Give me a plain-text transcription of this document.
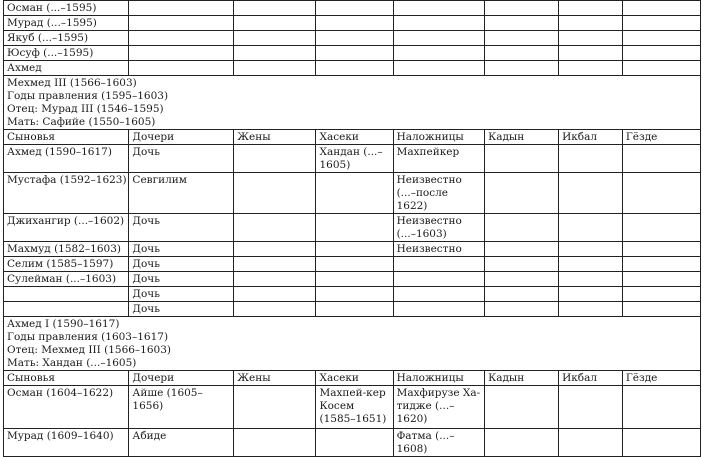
Осман (...–1595)							
Мурад (...–1595)							
Якуб (...–1595)							
Юсуф (...–1595)							
Ахмед							

Мехмед III (1566–1603)
Годы правления (1595–1603)
Отец: Мурад III (1546–1595)
Мать: Сафийе (1550–1605)							

Сыновья	Дочери	Жены	Хасеки	Наложницы	Кадын	Икбал	Гёзде
Ахмед (1590–1617)	Дочь		Хандан (...–1605)	Махпейкер			
Мустафа (1592–1623)	Севгилим			Неизвестно (...–после 1622)			
Джихангир (...–1602)	Дочь			Неизвестно (...–1603)			
Махмуд (1582–1603)	Дочь			Неизвестно			
Селим (1585–1597)	Дочь						
Сулейман (...–1603)	Дочь						
	Дочь						
	Дочь						

Ахмед I (1590–1617)
Годы правления (1603–1617)
Отец: Мехмед III (1566–1603)
Мать: Хандан (...–1605)							

Сыновья	Дочери	Жены	Хасеки	Наложницы	Кадын	Икбал	Гёзде
Осман (1604–1622)	Айше (1605–1656)		Махпей-кер Косем (1585–1651)	Махфирузе Ха-тидже (...–1620)			
Мурад (1609–1640)	Абиде			Фатма (...–1608)			
